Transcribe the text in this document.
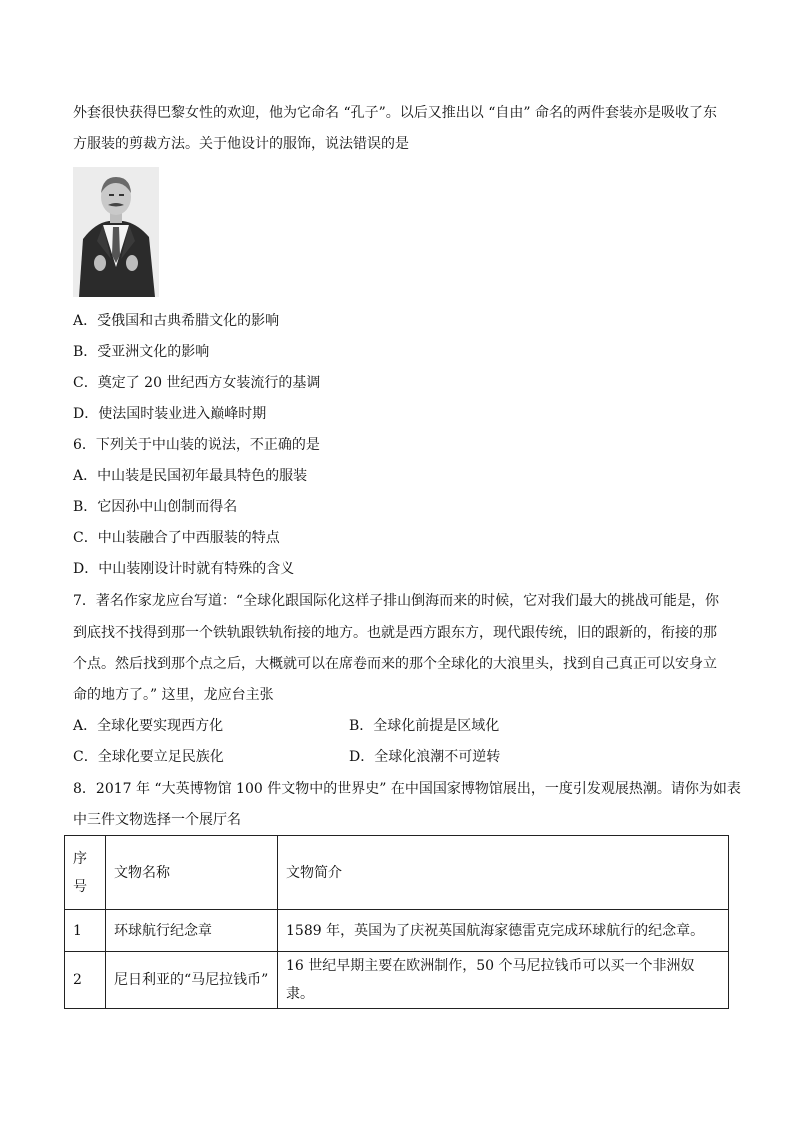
外套很快获得巴黎女性的欢迎，他为它命名 “孔子”。以后又推出以 “自由” 命名的两件套装亦是吸收了东
方服装的剪裁方法。关于他设计的服饰，说法错误的是
A．受俄国和古典希腊文化的影响
B．受亚洲文化的影响
C．奠定了 20 世纪西方女装流行的基调
D．使法国时装业进入巅峰时期
6．下列关于中山装的说法，不正确的是
A．中山装是民国初年最具特色的服装
B．它因孙中山创制而得名
C．中山装融合了中西服装的特点
D．中山装刚设计时就有特殊的含义
7．著名作家龙应台写道：“全球化跟国际化这样子排山倒海而来的时候，它对我们最大的挑战可能是，你
到底找不找得到那一个铁轨跟铁轨衔接的地方。也就是西方跟东方，现代跟传统，旧的跟新的，衔接的那
个点。然后找到那个点之后，大概就可以在席卷而来的那个全球化的大浪里头，找到自己真正可以安身立
命的地方了。” 这里，龙应台主张
A．全球化要实现西方化	B．全球化前提是区域化
C．全球化要立足民族化	D．全球化浪潮不可逆转
8．2017 年 “大英博物馆 100 件文物中的世界史” 在中国国家博物馆展出，一度引发观展热潮。请你为如表
中三件文物选择一个展厅名
序
号	文物名称	文物简介
1	环球航行纪念章	1589 年，英国为了庆祝英国航海家德雷克完成环球航行的纪念章。
2	尼日利亚的“马尼拉钱币”	16 世纪早期主要在欧洲制作，50 个马尼拉钱币可以买一个非洲奴隶。
